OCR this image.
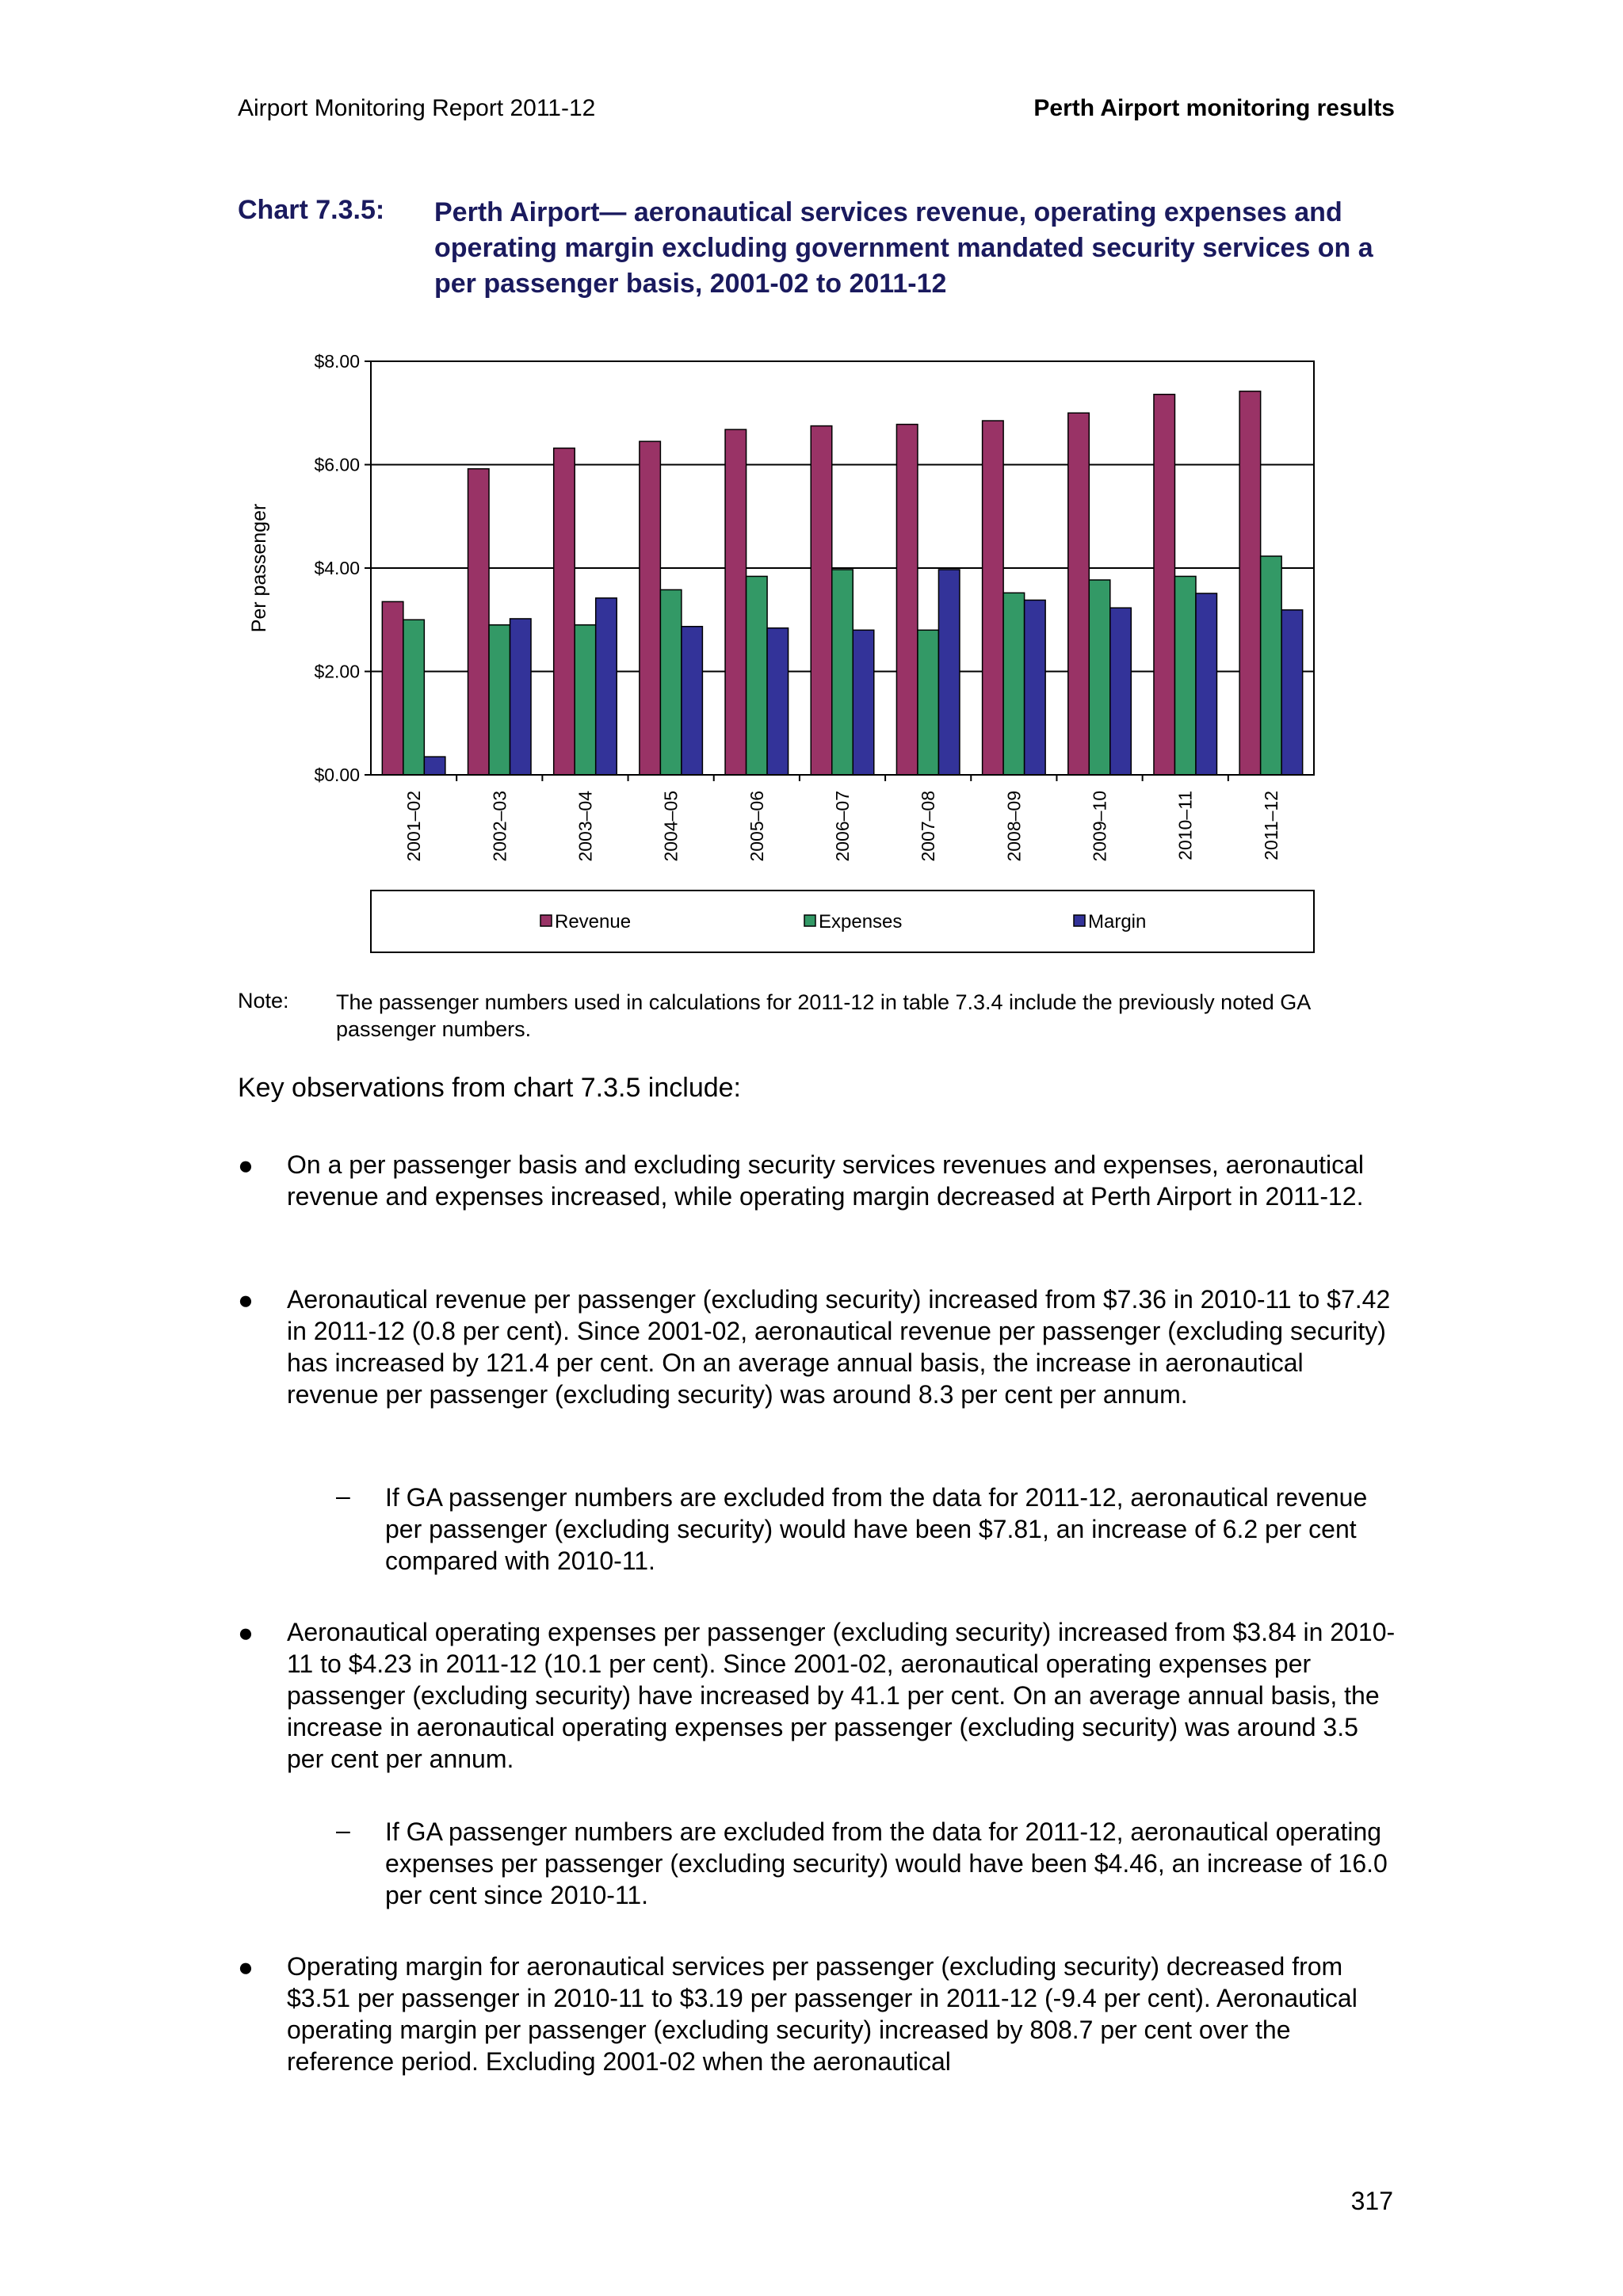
Airport Monitoring Report 2011-12	Perth Airport monitoring results
Chart 7.3.5: Perth Airport— aeronautical services revenue, operating expenses and operating margin excluding government mandated security services on a per passenger basis, 2001-02 to 2011-12
$0.00
$2.00
$4.00
$6.00
$8.00
2001–02	2002–03	2003–04	2004–05	2005–06	2006–07	2007–08	2008–09	2009–10	2010–11	2011–12
Per passenger
Revenue	Expenses	Margin
Note: The passenger numbers used in calculations for 2011-12 in table 7.3.4 include the previously noted GA passenger numbers.
Key observations from chart 7.3.5 include:
● On a per passenger basis and excluding security services revenues and expenses, aeronautical revenue and expenses increased, while operating margin decreased at Perth Airport in 2011-12.
● Aeronautical revenue per passenger (excluding security) increased from $7.36 in 2010-11 to $7.42 in 2011-12 (0.8 per cent). Since 2001-02, aeronautical revenue per passenger (excluding security) has increased by 121.4 per cent. On an average annual basis, the increase in aeronautical revenue per passenger (excluding security) was around 8.3 per cent per annum.
– If GA passenger numbers are excluded from the data for 2011-12, aeronautical revenue per passenger (excluding security) would have been $7.81, an increase of 6.2 per cent compared with 2010-11.
● Aeronautical operating expenses per passenger (excluding security) increased from $3.84 in 2010-11 to $4.23 in 2011-12 (10.1 per cent). Since 2001-02, aeronautical operating expenses per passenger (excluding security) have increased by 41.1 per cent. On an average annual basis, the increase in aeronautical operating expenses per passenger (excluding security) was around 3.5 per cent per annum.
– If GA passenger numbers are excluded from the data for 2011-12, aeronautical operating expenses per passenger (excluding security) would have been $4.46, an increase of 16.0 per cent since 2010-11.
● Operating margin for aeronautical services per passenger (excluding security) decreased from $3.51 per passenger in 2010-11 to $3.19 per passenger in 2011-12 (-9.4 per cent). Aeronautical operating margin per passenger (excluding security) increased by 808.7 per cent over the reference period. Excluding 2001-02 when the aeronautical
317
